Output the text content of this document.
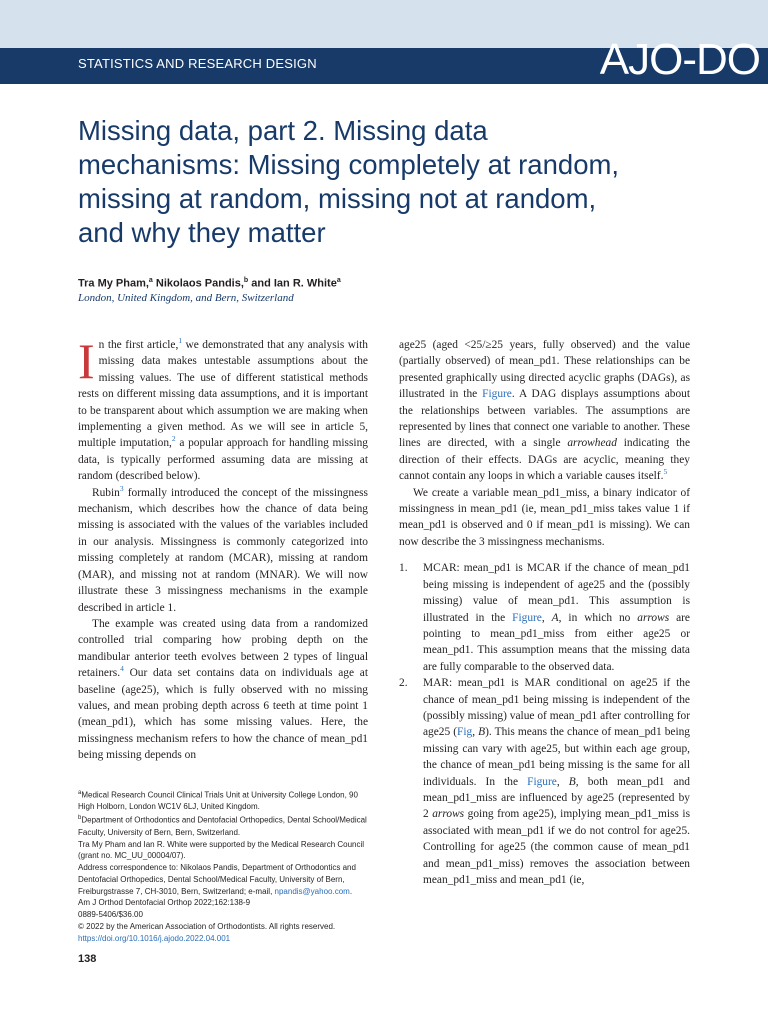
STATISTICS AND RESEARCH DESIGN	AJO-DO
Missing data, part 2. Missing data mechanisms: Missing completely at random, missing at random, missing not at random, and why they matter
Tra My Pham,$^a$ Nikolaos Pandis,$^b$ and Ian R. White$^a$
London, United Kingdom, and Bern, Switzerland

In the first article,$^1$ we demonstrated that any analysis with missing data makes untestable assumptions about the missing values. The use of different statistical methods rests on different missing data assumptions, and it is important to be transparent about which assumption we are making when implementing a given method. As we will see in article 5, multiple imputation,$^2$ a popular approach for handling missing data, is typically performed assuming data are missing at random (described below).

Rubin$^3$ formally introduced the concept of the missingness mechanism, which describes how the chance of data being missing is associated with the values of the variables included in our analysis. Missingness is commonly categorized into missing completely at random (MCAR), missing at random (MAR), and missing not at random (MNAR). We will now illustrate these 3 missingness mechanisms in the example described in article 1.

The example was created using data from a randomized controlled trial comparing how probing depth on the mandibular anterior teeth evolves between 2 types of lingual retainers.$^4$ Our data set contains data on individuals age at baseline (age25), which is fully observed with no missing values, and mean probing depth across 6 teeth at time point 1 (mean_pd1), which has some missing values. Here, the missingness mechanism refers to how the chance of mean_pd1 being missing depends on

age25 (aged <25/≥25 years, fully observed) and the value (partially observed) of mean_pd1. These relationships can be presented graphically using directed acyclic graphs (DAGs), as illustrated in the Figure. A DAG displays assumptions about the relationships between variables. The assumptions are represented by lines that connect one variable to another. These lines are directed, with a single arrowhead indicating the direction of their effects. DAGs are acyclic, meaning they cannot contain any loops in which a variable causes itself.$^5$

We create a variable mean_pd1_miss, a binary indicator of missingness in mean_pd1 (ie, mean_pd1_miss takes value 1 if mean_pd1 is observed and 0 if mean_pd1 is missing). We can now describe the 3 missingness mechanisms.

1. MCAR: mean_pd1 is MCAR if the chance of mean_pd1 being missing is independent of age25 and the (possibly missing) value of mean_pd1. This assumption is illustrated in the Figure, A, in which no arrows are pointing to mean_pd1_miss from either age25 or mean_pd1. This assumption means that the missing data are fully comparable to the observed data.
2. MAR: mean_pd1 is MAR conditional on age25 if the chance of mean_pd1 being missing is independent of the (possibly missing) value of mean_pd1 after controlling for age25 (Fig, B). This means the chance of mean_pd1 being missing can vary with age25, but within each age group, the chance of mean_pd1 being missing is the same for all individuals. In the Figure, B, both mean_pd1 and mean_pd1_miss are influenced by age25 (represented by 2 arrows going from age25), implying mean_pd1_miss is associated with mean_pd1 if we do not control for age25. Controlling for age25 (the common cause of mean_pd1 and mean_pd1_miss) removes the association between mean_pd1_miss and mean_pd1 (ie,
$^a$Medical Research Council Clinical Trials Unit at University College London, 90 High Holborn, London WC1V 6LJ, United Kingdom.
$^b$Department of Orthodontics and Dentofacial Orthopedics, Dental School/Medical Faculty, University of Bern, Bern, Switzerland.
Tra My Pham and Ian R. White were supported by the Medical Research Council (grant no. MC_UU_00004/07).
Address correspondence to: Nikolaos Pandis, Department of Orthodontics and Dentofacial Orthopedics, Dental School/Medical Faculty, University of Bern, Freiburgstrasse 7, CH-3010, Bern, Switzerland; e-mail, npandis@yahoo.com.
Am J Orthod Dentofacial Orthop 2022;162:138-9
0889-5406/$36.00
© 2022 by the American Association of Orthodontists. All rights reserved.
https://doi.org/10.1016/j.ajodo.2022.04.001
138
